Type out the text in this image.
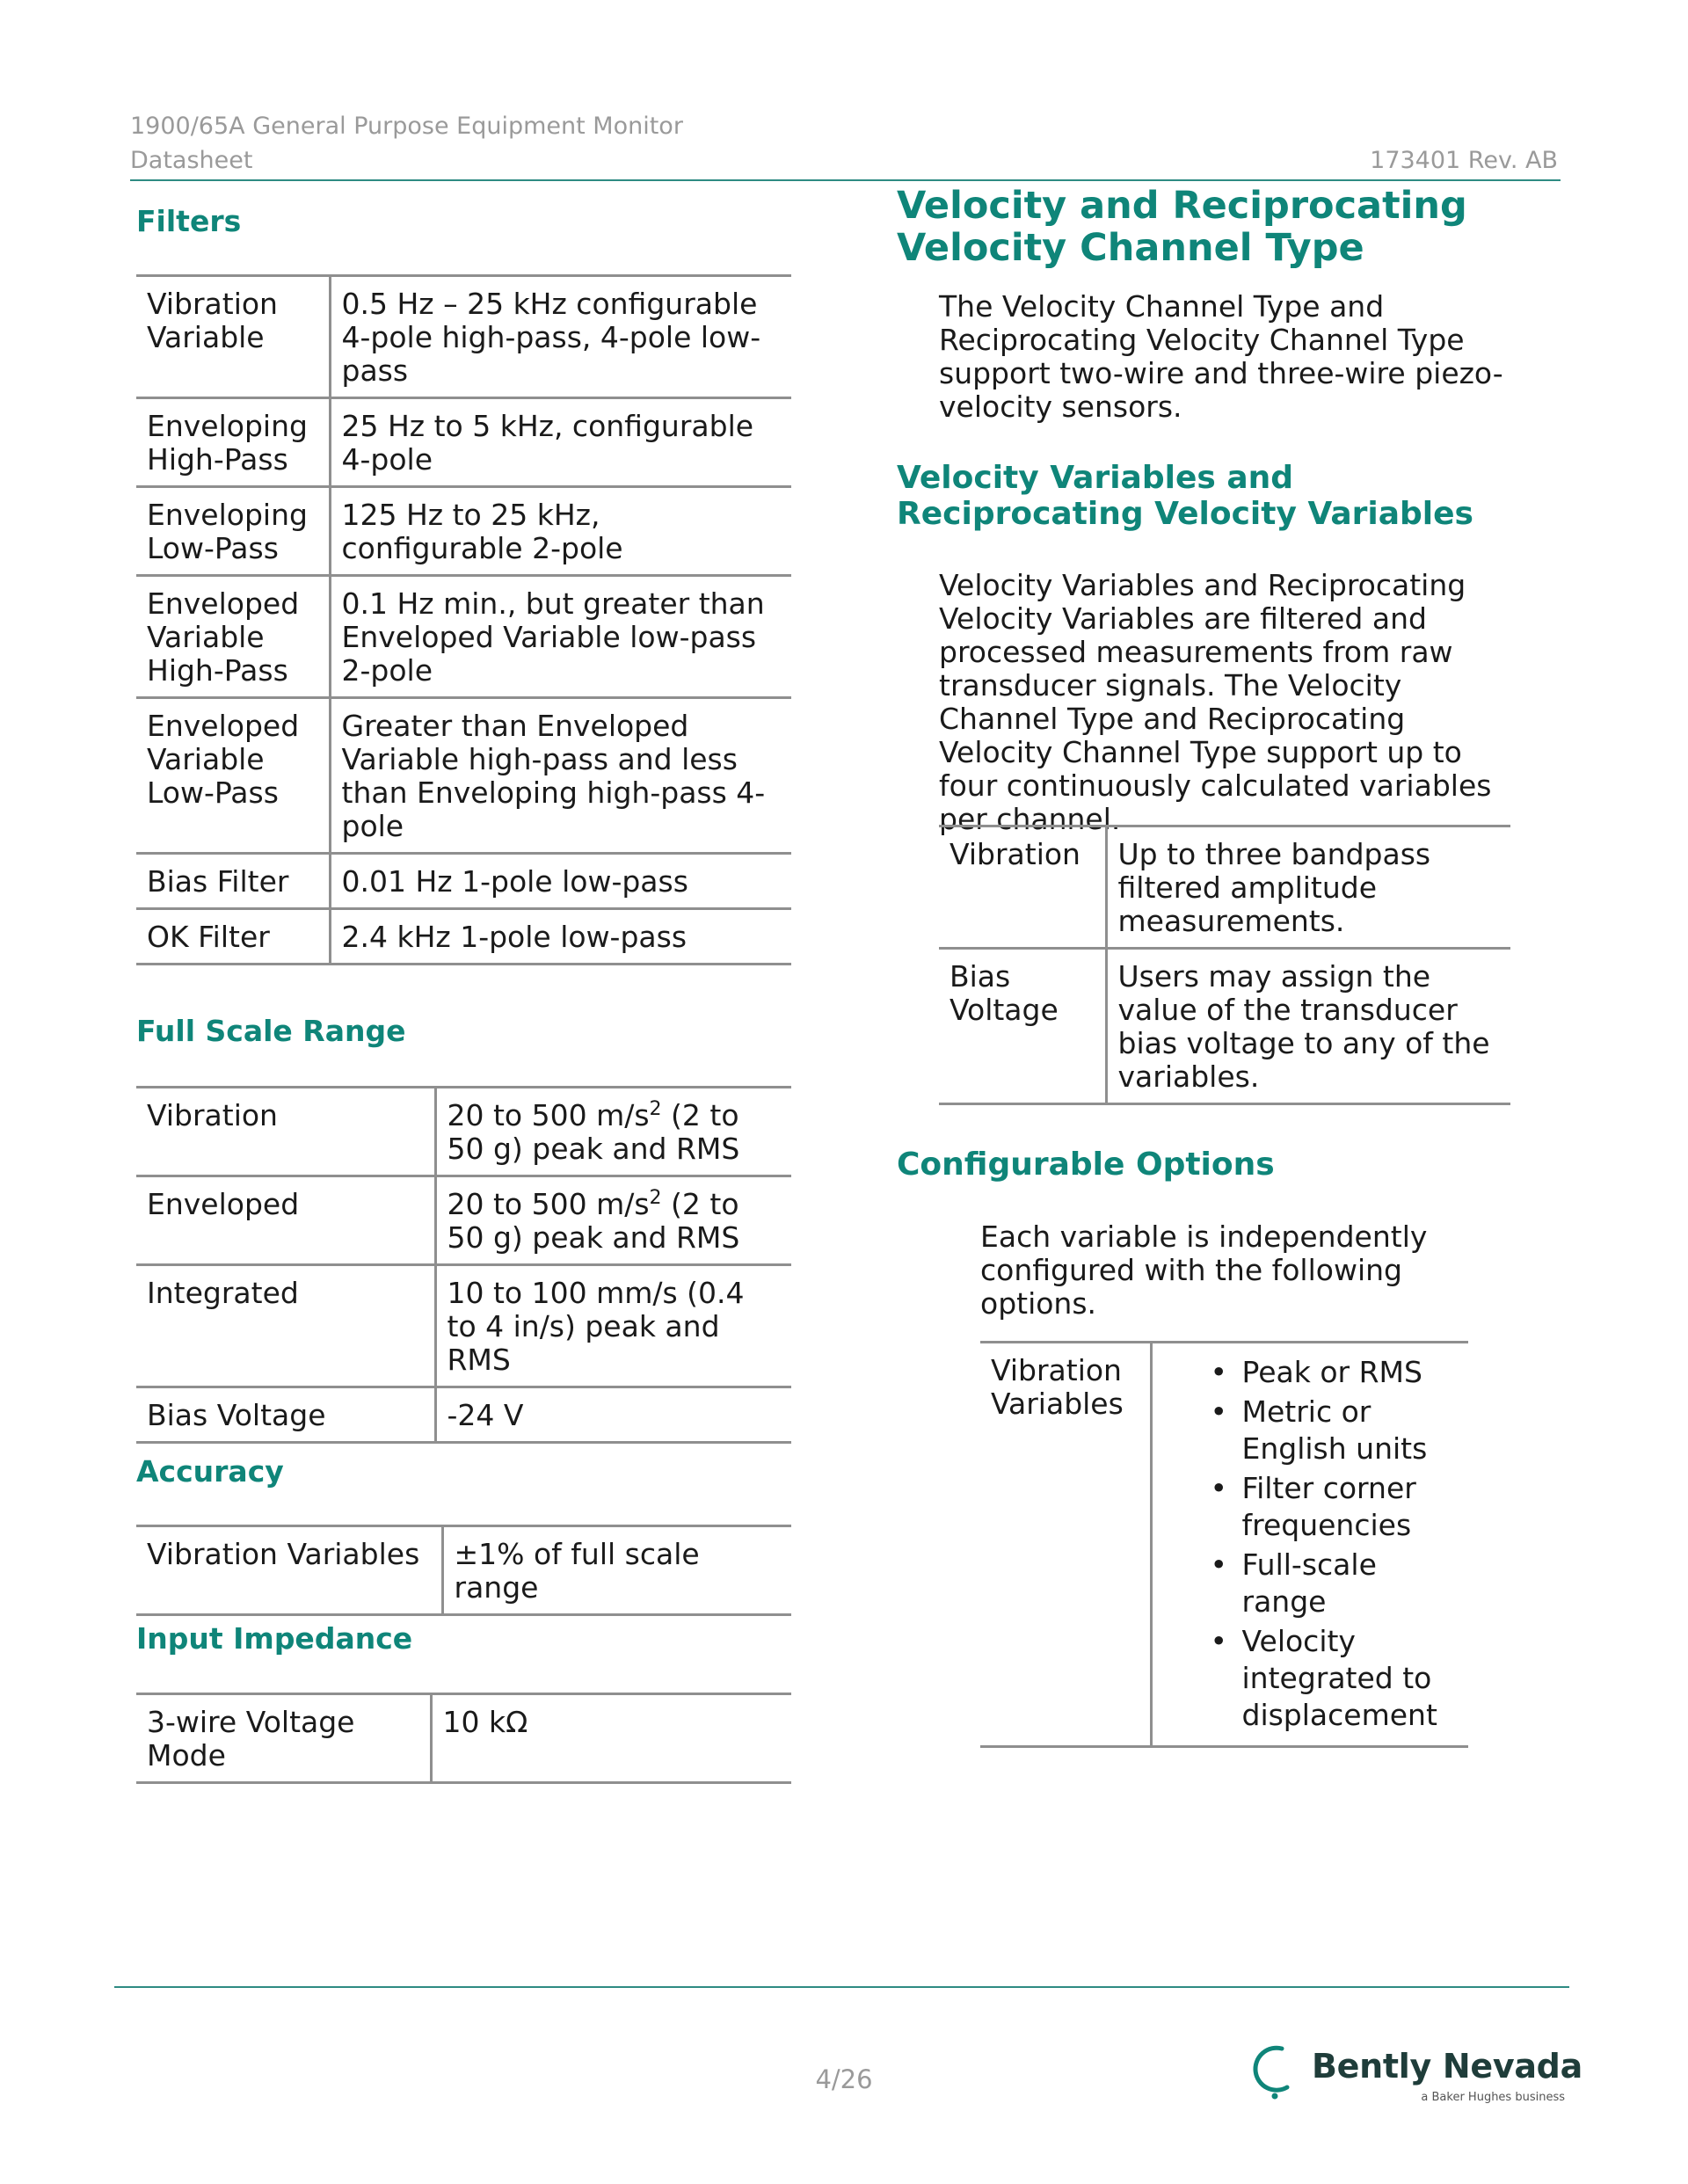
1900/65A General Purpose Equipment Monitor
Datasheet	173401 Rev. AB
Filters
Vibration Variable	0.5 Hz – 25 kHz configurable 4-pole high-pass, 4-pole low-pass
Enveloping High-Pass	25 Hz to 5 kHz, configurable 4-pole
Enveloping Low-Pass	125 Hz to 25 kHz, configurable 2-pole
Enveloped Variable High-Pass	0.1 Hz min., but greater than Enveloped Variable low-pass 2-pole
Enveloped Variable Low-Pass	Greater than Enveloped Variable high-pass and less than Enveloping high-pass 4-pole
Bias Filter	0.01 Hz 1-pole low-pass
OK Filter	2.4 kHz 1-pole low-pass
Full Scale Range
Vibration	20 to 500 $m/s^2$ (2 to 50 g) peak and RMS
Enveloped	20 to 500 $m/s^2$ (2 to 50 g) peak and RMS
Integrated	10 to 100 mm/s (0.4 to 4 in/s) peak and RMS
Bias Voltage	-24 V
Accuracy
Vibration Variables	±1% of full scale range
Input Impedance
3-wire Voltage Mode	10 kΩ
Velocity and Reciprocating Velocity Channel Type

The Velocity Channel Type and Reciprocating Velocity Channel Type support two-wire and three-wire piezo-velocity sensors.

Velocity Variables and Reciprocating Velocity Variables

Velocity Variables and Reciprocating Velocity Variables are filtered and processed measurements from raw transducer signals. The Velocity Channel Type and Reciprocating Velocity Channel Type support up to four continuously calculated variables per channel.

Vibration	Up to three bandpass filtered amplitude measurements.
Bias Voltage	Users may assign the value of the transducer bias voltage to any of the variables.
Configurable Options

Each variable is independently configured with the following options.

Vibration Variables	
• Peak or RMS
• Metric or English units
• Filter corner frequencies
• Full-scale range
• Velocity integrated to displacement
4/26	Bently Nevada
a Baker Hughes business
